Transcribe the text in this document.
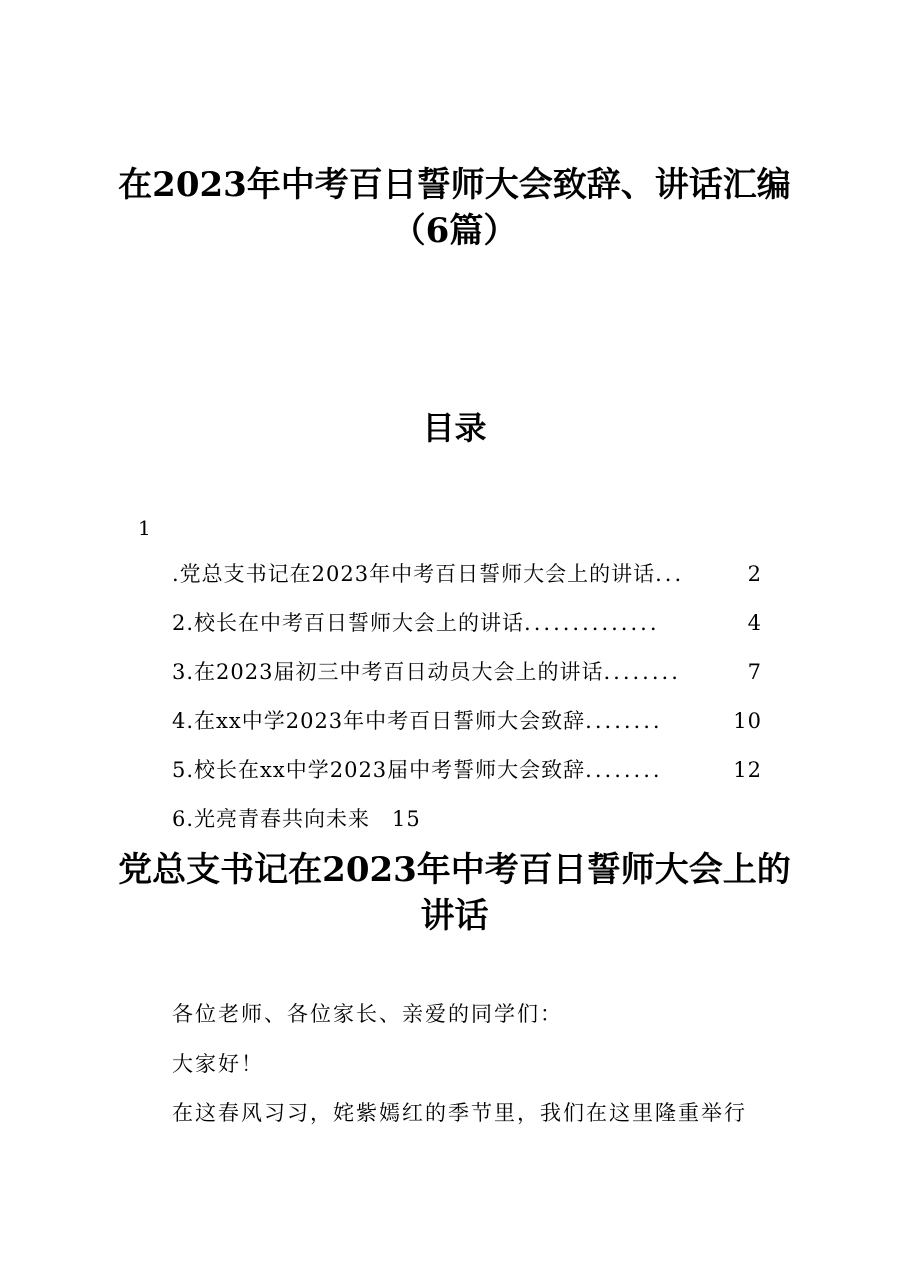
在2023年中考百日誓师大会致辞、讲话汇编
（6篇）
目录
1
.党总支书记在2023年中考百日誓师大会上的讲话 ...	2
2.校长在中考百日誓师大会上的讲话 ..............	4
3.在2023届初三中考百日动员大会上的讲话 ........	7
4.在xx中学2023年中考百日誓师大会致辞 ........	10
5.校长在xx中学2023届中考誓师大会致辞 ........	12
6.光亮青春共向未来 15
党总支书记在2023年中考百日誓师大会上的
讲话
各位老师、各位家长、亲爱的同学们：
大家好！
在这春风习习，姹紫嫣红的季节里，我们在这里隆重举行
